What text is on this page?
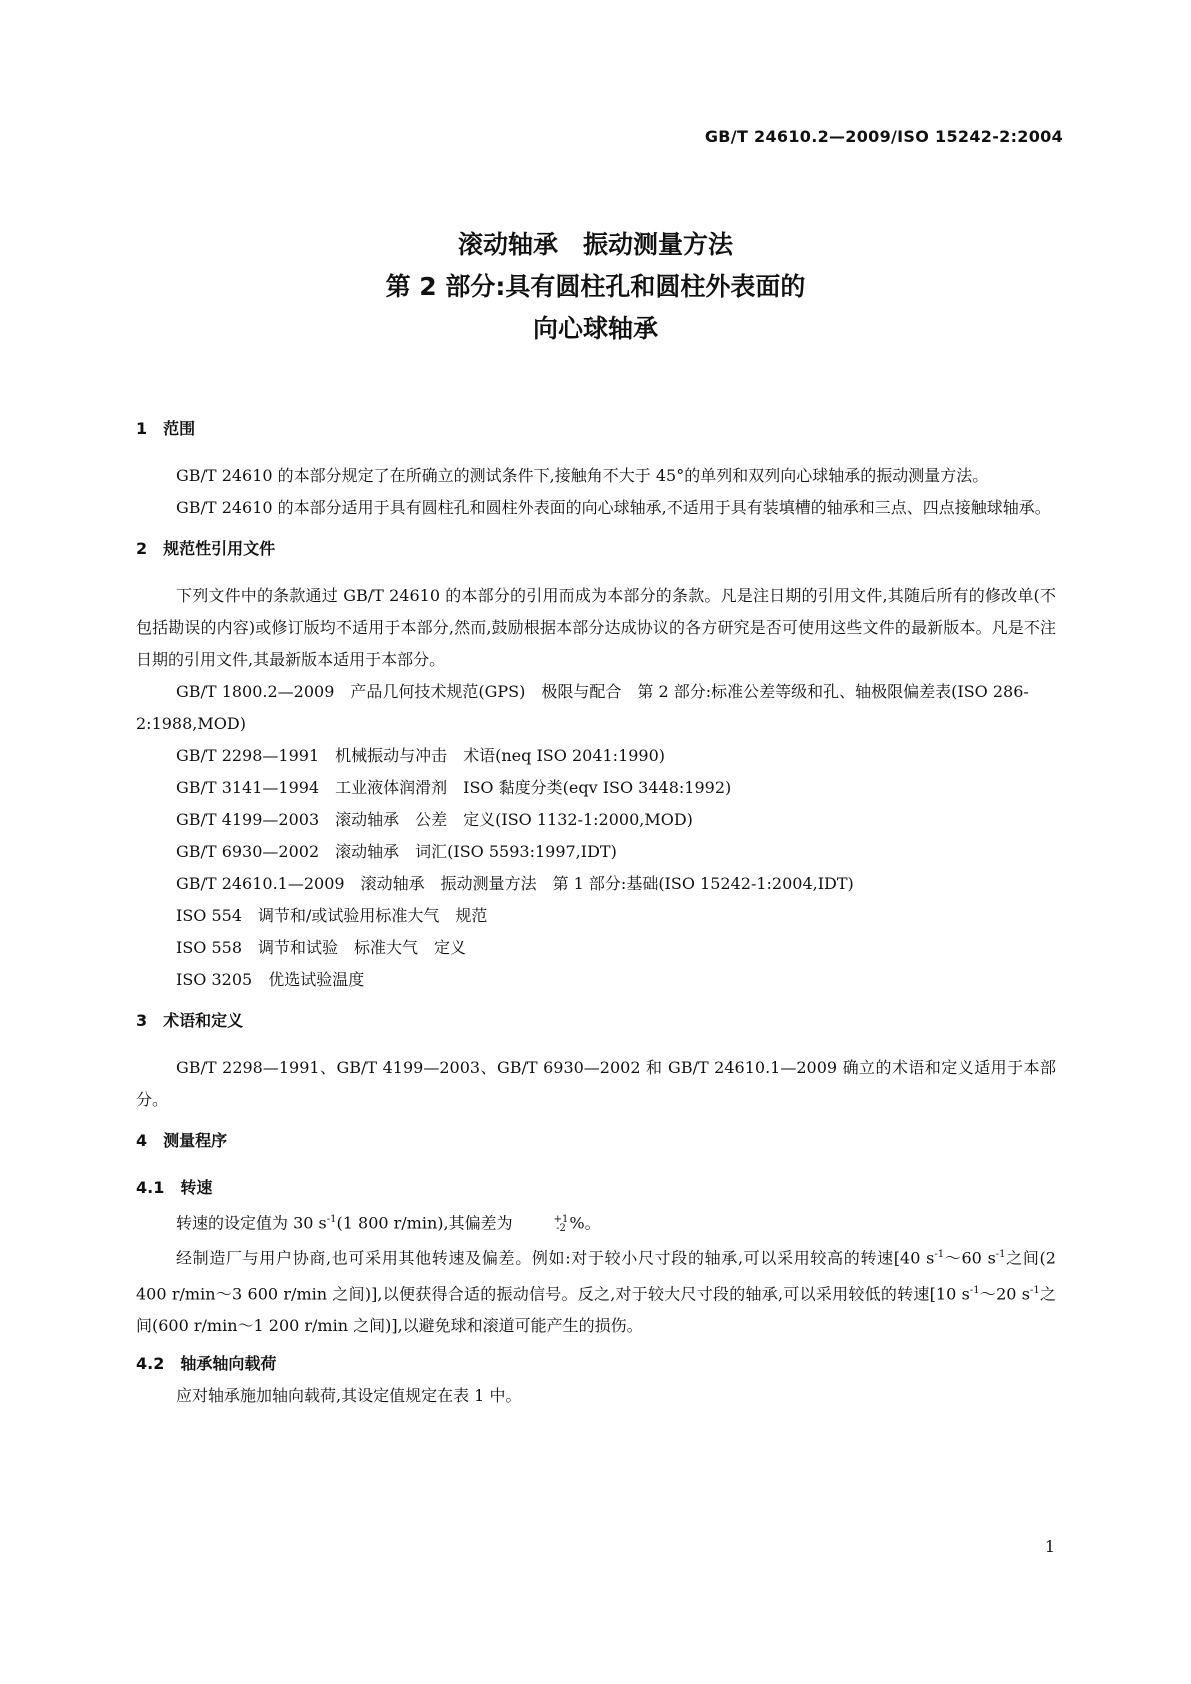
GB/T 24610.2—2009/ISO 15242-2:2004
滚动轴承　振动测量方法
第 2 部分:具有圆柱孔和圆柱外表面的
向心球轴承
1　范围
GB/T 24610 的本部分规定了在所确立的测试条件下,接触角不大于 45°的单列和双列向心球轴承的振动测量方法。
GB/T 24610 的本部分适用于具有圆柱孔和圆柱外表面的向心球轴承,不适用于具有装填槽的轴承和三点、四点接触球轴承。
2　规范性引用文件
下列文件中的条款通过 GB/T 24610 的本部分的引用而成为本部分的条款。凡是注日期的引用文件,其随后所有的修改单(不包括勘误的内容)或修订版均不适用于本部分,然而,鼓励根据本部分达成协议的各方研究是否可使用这些文件的最新版本。凡是不注日期的引用文件,其最新版本适用于本部分。
GB/T 1800.2—2009　产品几何技术规范(GPS)　极限与配合　第 2 部分:标准公差等级和孔、轴极限偏差表(ISO 286-2:1988,MOD)
GB/T 2298—1991　机械振动与冲击　术语(neq ISO 2041:1990)
GB/T 3141—1994　工业液体润滑剂　ISO 黏度分类(eqv ISO 3448:1992)
GB/T 4199—2003　滚动轴承　公差　定义(ISO 1132-1:2000,MOD)
GB/T 6930—2002　滚动轴承　词汇(ISO 5593:1997,IDT)
GB/T 24610.1—2009　滚动轴承　振动测量方法　第 1 部分:基础(ISO 15242-1:2004,IDT)
ISO 554　调节和/或试验用标准大气　规范
ISO 558　调节和试验　标准大气　定义
ISO 3205　优选试验温度
3　术语和定义
GB/T 2298—1991、GB/T 4199—2003、GB/T 6930—2002 和 GB/T 24610.1—2009 确立的术语和定义适用于本部分。
4　测量程序
4.1　转速
转速的设定值为 30 $s^{-1}(1$ 800 r/min),其偏差为	+1
-2 %。
经制造厂与用户协商,也可采用其他转速及偏差。例如:对于较小尺寸段的轴承,可以采用较高的转速[40 $s^{-1}\sim 60$ $s^{-1}$之间(2 400 r/min～3 600 r/min 之间)],以便获得合适的振动信号。反之,对于较大尺寸段的轴承,可以采用较低的转速[10 $s^{-1}\sim 20$ $s^{-1}$之间(600 r/min～1 200 r/min 之间)],以避免球和滚道可能产生的损伤。
4.2　轴承轴向载荷
应对轴承施加轴向载荷,其设定值规定在表 1 中。
1
